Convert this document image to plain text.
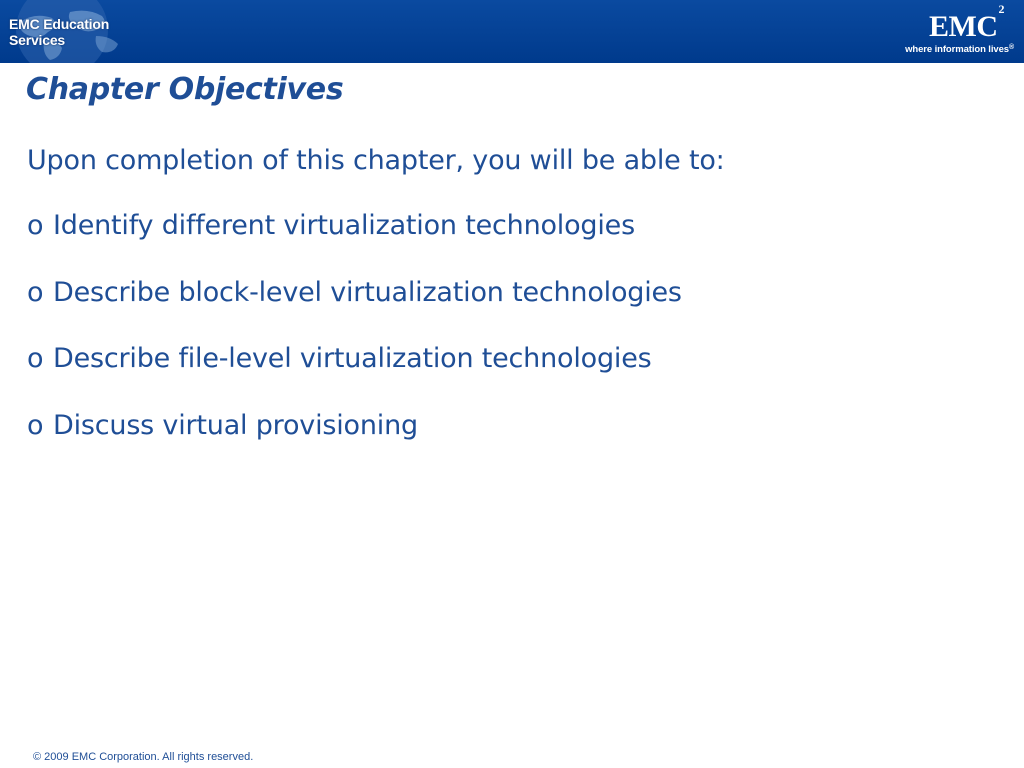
EMC Education Services	EMC$^2$
where information lives®
Chapter Objectives
Upon completion of this chapter, you will be able to:
o Identify different virtualization technologies
o Describe block-level virtualization technologies
o Describe file-level virtualization technologies
o Discuss virtual provisioning
© 2009 EMC Corporation. All rights reserved.
